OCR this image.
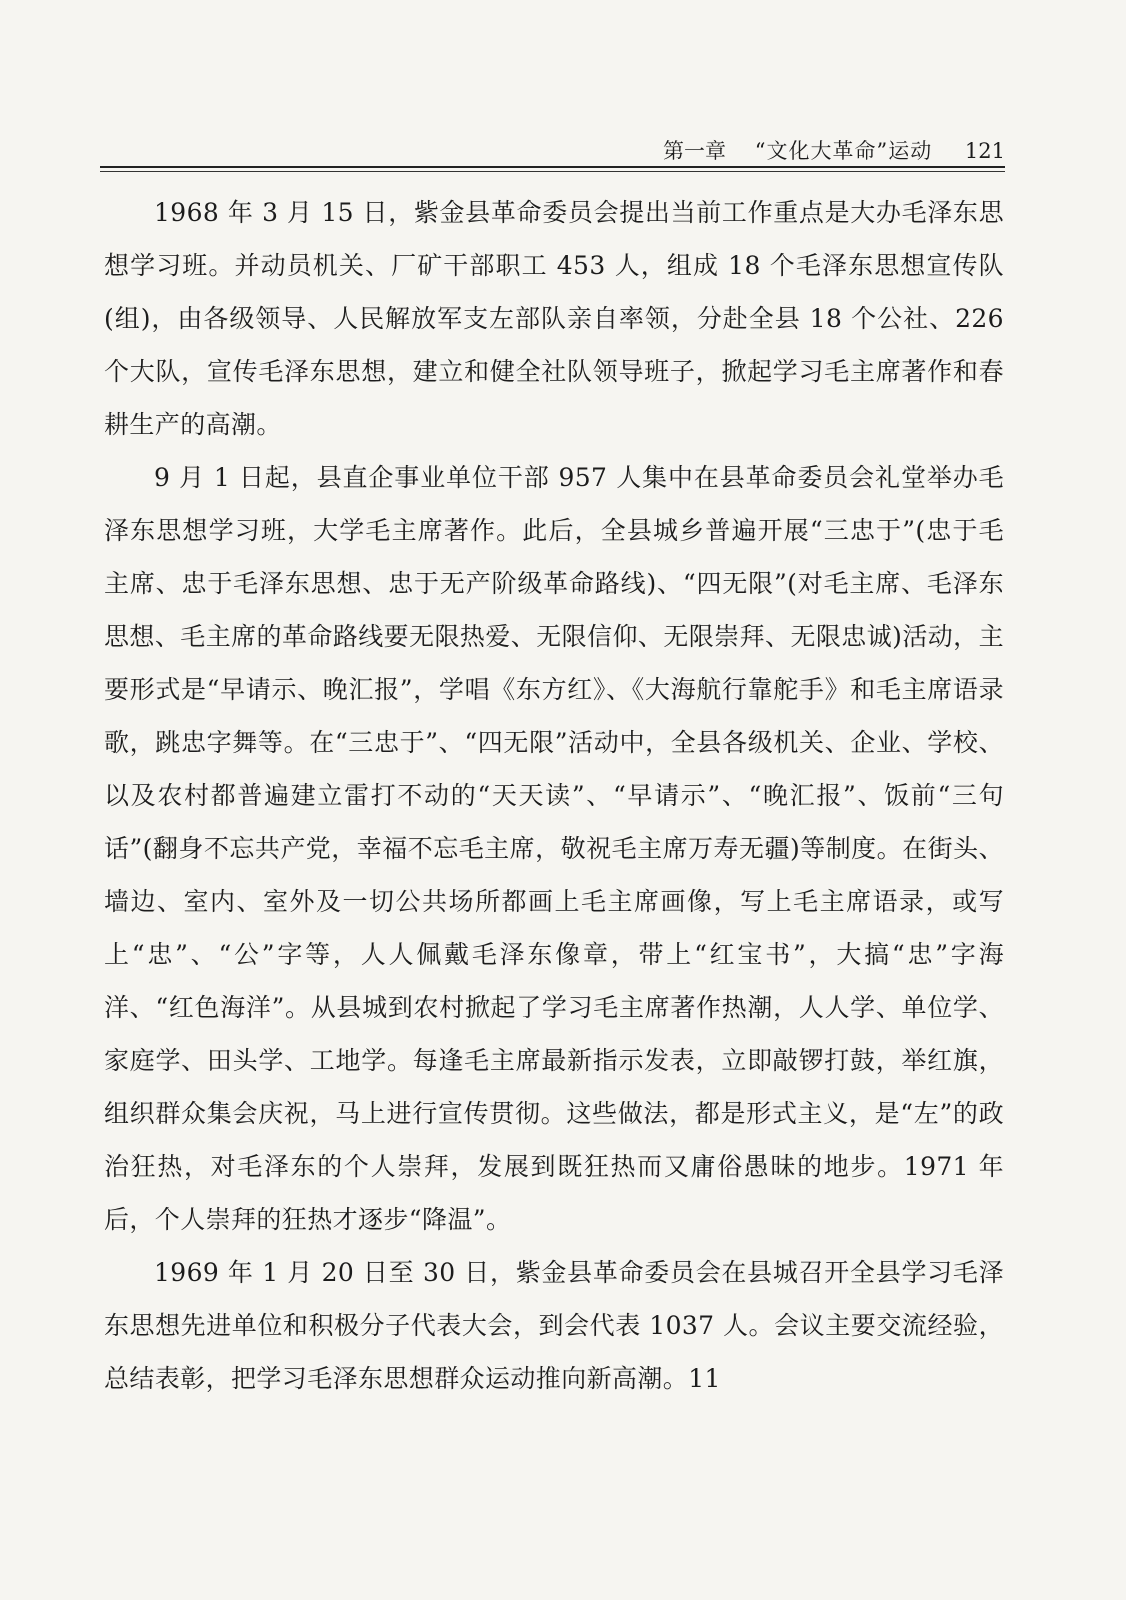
第一章 “文化大革命”运动 121

1968 年 3 月 15 日，紫金县革命委员会提出当前工作重点是大办毛泽东思想学习班。并动员机关、厂矿干部职工 453 人，组成 18 个毛泽东思想宣传队(组)，由各级领导、人民解放军支左部队亲自率领，分赴全县 18 个公社、226 个大队，宣传毛泽东思想，建立和健全社队领导班子，掀起学习毛主席著作和春耕生产的高潮。

9 月 1 日起，县直企事业单位干部 957 人集中在县革命委员会礼堂举办毛泽东思想学习班，大学毛主席著作。此后，全县城乡普遍开展“三忠于”(忠于毛主席、忠于毛泽东思想、忠于无产阶级革命路线)、“四无限”(对毛主席、毛泽东思想、毛主席的革命路线要无限热爱、无限信仰、无限崇拜、无限忠诚)活动，主要形式是“早请示、晚汇报”，学唱《东方红》、《大海航行靠舵手》和毛主席语录歌，跳忠字舞等。在“三忠于”、“四无限”活动中，全县各级机关、企业、学校、以及农村都普遍建立雷打不动的“天天读”、“早请示”、“晚汇报”、饭前“三句话”(翻身不忘共产党，幸福不忘毛主席，敬祝毛主席万寿无疆)等制度。在街头、墙边、室内、室外及一切公共场所都画上毛主席画像，写上毛主席语录，或写上“忠”、“公”字等，人人佩戴毛泽东像章，带上“红宝书”，大搞“忠”字海洋、“红色海洋”。从县城到农村掀起了学习毛主席著作热潮，人人学、单位学、家庭学、田头学、工地学。每逢毛主席最新指示发表，立即敲锣打鼓，举红旗，组织群众集会庆祝，马上进行宣传贯彻。这些做法，都是形式主义，是“左”的政治狂热，对毛泽东的个人崇拜，发展到既狂热而又庸俗愚昧的地步。1971 年后，个人崇拜的狂热才逐步“降温”。

1969 年 1 月 20 日至 30 日，紫金县革命委员会在县城召开全县学习毛泽东思想先进单位和积极分子代表大会，到会代表 1037 人。会议主要交流经验，总结表彰，把学习毛泽东思想群众运动推向新高潮。11
